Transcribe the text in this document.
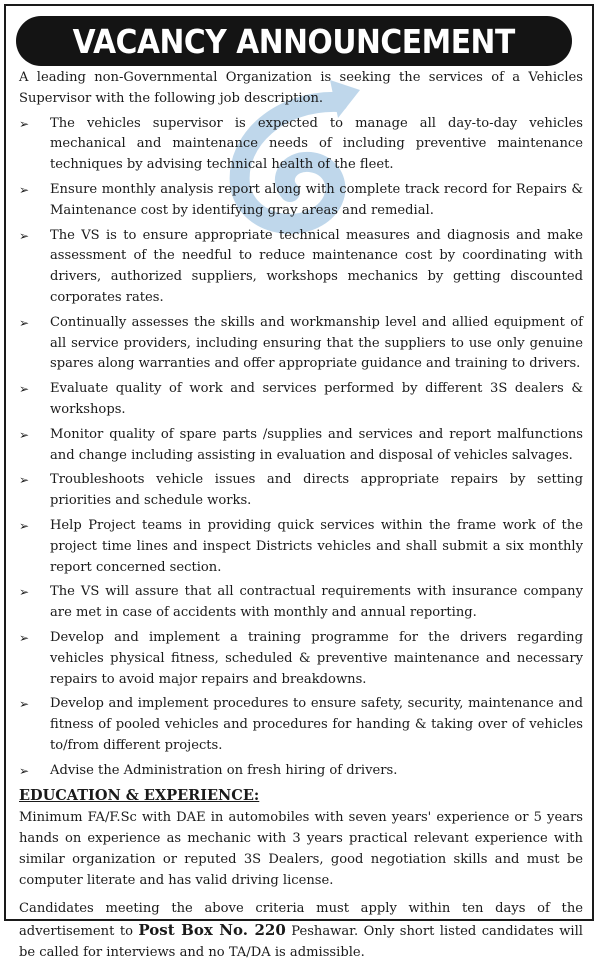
VACANCY ANNOUNCEMENT

A leading non-Governmental Organization is seeking the services of a Vehicles Supervisor with the following job description.

➢ The vehicles supervisor is expected to manage all day-to-day vehicles mechanical and maintenance needs of including preventive maintenance techniques by advising technical health of the fleet.
➢ Ensure monthly analysis report along with complete track record for Repairs & Maintenance cost by identifying gray areas and remedial.
➢ The VS is to ensure appropriate technical measures and diagnosis and make assessment of the needful to reduce maintenance cost by coordinating with drivers, authorized suppliers, workshops mechanics by getting discounted corporates rates.
➢ Continually assesses the skills and workmanship level and allied equipment of all service providers, including ensuring that the suppliers to use only genuine spares along warranties and offer appropriate guidance and training to drivers.
➢ Evaluate quality of work and services performed by different 3S dealers & workshops.
➢ Monitor quality of spare parts /supplies and services and report malfunctions and change including assisting in evaluation and disposal of vehicles salvages.
➢ Troubleshoots vehicle issues and directs appropriate repairs by setting priorities and schedule works.
➢ Help Project teams in providing quick services within the frame work of the project time lines and inspect Districts vehicles and shall submit a six monthly report concerned section.
➢ The VS will assure that all contractual requirements with insurance company are met in case of accidents with monthly and annual reporting.
➢ Develop and implement a training programme for the drivers regarding vehicles physical fitness, scheduled & preventive maintenance and necessary repairs to avoid major repairs and breakdowns.
➢ Develop and implement procedures to ensure safety, security, maintenance and fitness of pooled vehicles and procedures for handing & taking over of vehicles to/from different projects.
➢ Advise the Administration on fresh hiring of drivers.

EDUCATION & EXPERIENCE:

Minimum FA/F.Sc with DAE in automobiles with seven years' experience or 5 years hands on experience as mechanic with 3 years practical relevant experience with similar organization or reputed 3S Dealers, good negotiation skills and must be computer literate and has valid driving license.

Candidates meeting the above criteria must apply within ten days of the advertisement to Post Box No. 220 Peshawar. Only short listed candidates will be called for interviews and no TA/DA is admissible.
